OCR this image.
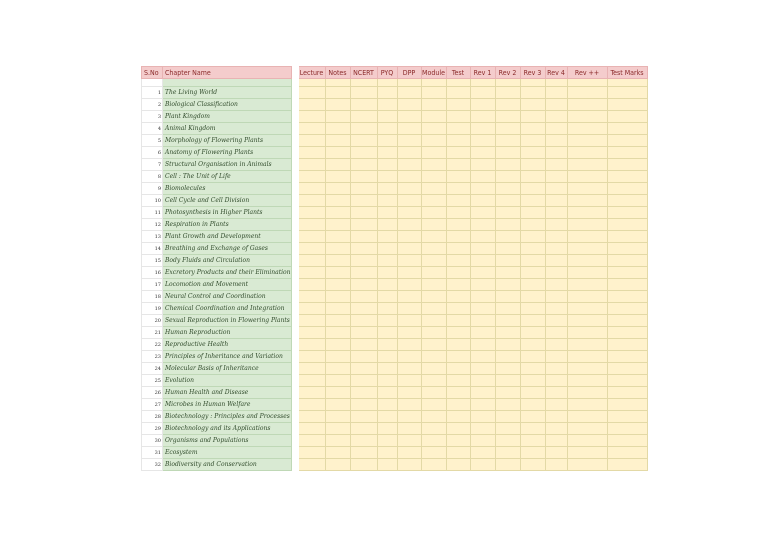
S.No	Chapter Name		Lecture	Notes	NCERT	PYQ	DPP	Module	Test	Rev 1	Rev 2	Rev 3	Rev 4	Rev ++	Test Marks

1	The Living World														
2	Biological Classification														
3	Plant Kingdom														
4	Animal Kingdom														
5	Morphology of Flowering Plants														
6	Anatomy of Flowering Plants														
7	Structural Organisation in Animals														
8	Cell : The Unit of Life														
9	Biomolecules														
10	Cell Cycle and Cell Division														
11	Photosynthesis in Higher Plants														
12	Respiration in Plants														
13	Plant Growth and Development														
14	Breathing and Exchange of Gases														
15	Body Fluids and Circulation														
16	Excretory Products and their Elimination														
17	Locomotion and Movement														
18	Neural Control and Coordination														
19	Chemical Coordination and Integration														
20	Sexual Reproduction in Flowering Plants														
21	Human Reproduction														
22	Reproductive Health														
23	Principles of Inheritance and Variation														
24	Molecular Basis of Inheritance														
25	Evolution														
26	Human Health and Disease														
27	Microbes in Human Welfare														
28	Biotechnology : Principles and Processes														
29	Biotechnology and its Applications														
30	Organisms and Populations														
31	Ecosystem														
32	Biodiversity and Conservation														
